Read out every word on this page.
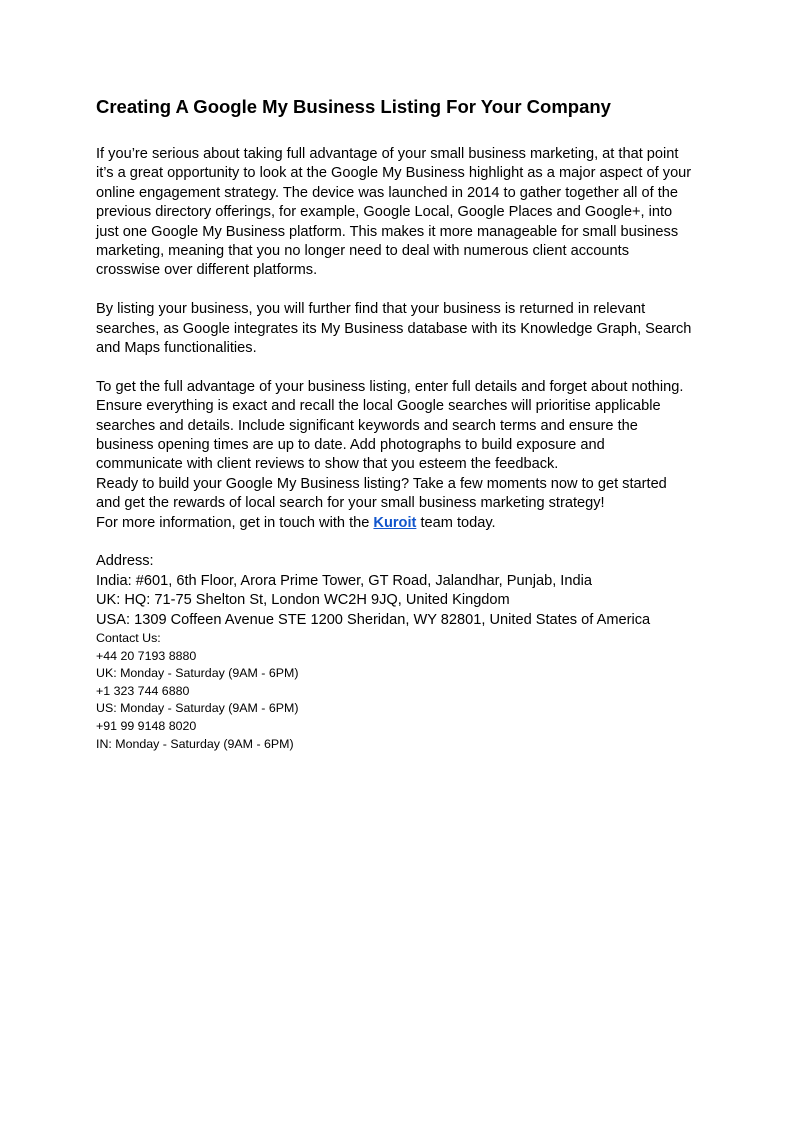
Creating A Google My Business Listing For Your Company

If you’re serious about taking full advantage of your small business marketing, at that point
it’s a great opportunity to look at the Google My Business highlight as a major aspect of your
online engagement strategy. The device was launched in 2014 to gather together all of the
previous directory offerings, for example, Google Local, Google Places and Google+, into
just one Google My Business platform. This makes it more manageable for small business
marketing, meaning that you no longer need to deal with numerous client accounts
crosswise over different platforms.

By listing your business, you will further find that your business is returned in relevant
searches, as Google integrates its My Business database with its Knowledge Graph, Search
and Maps functionalities.

To get the full advantage of your business listing, enter full details and forget about nothing.
Ensure everything is exact and recall the local Google searches will prioritise applicable
searches and details. Include significant keywords and search terms and ensure the
business opening times are up to date. Add photographs to build exposure and
communicate with client reviews to show that you esteem the feedback.
Ready to build your Google My Business listing? Take a few moments now to get started
and get the rewards of local search for your small business marketing strategy!
For more information, get in touch with the Kuroit team today.

Address:
India: #601, 6th Floor, Arora Prime Tower, GT Road, Jalandhar, Punjab, India
UK: HQ: 71-75 Shelton St, London WC2H 9JQ, United Kingdom
USA: 1309 Coffeen Avenue STE 1200 Sheridan, WY 82801, United States of America
Contact Us:
+44 20 7193 8880
UK: Monday - Saturday (9AM - 6PM)
+1 323 744 6880
US: Monday - Saturday (9AM - 6PM)
+91 99 9148 8020
IN: Monday - Saturday (9AM - 6PM)
